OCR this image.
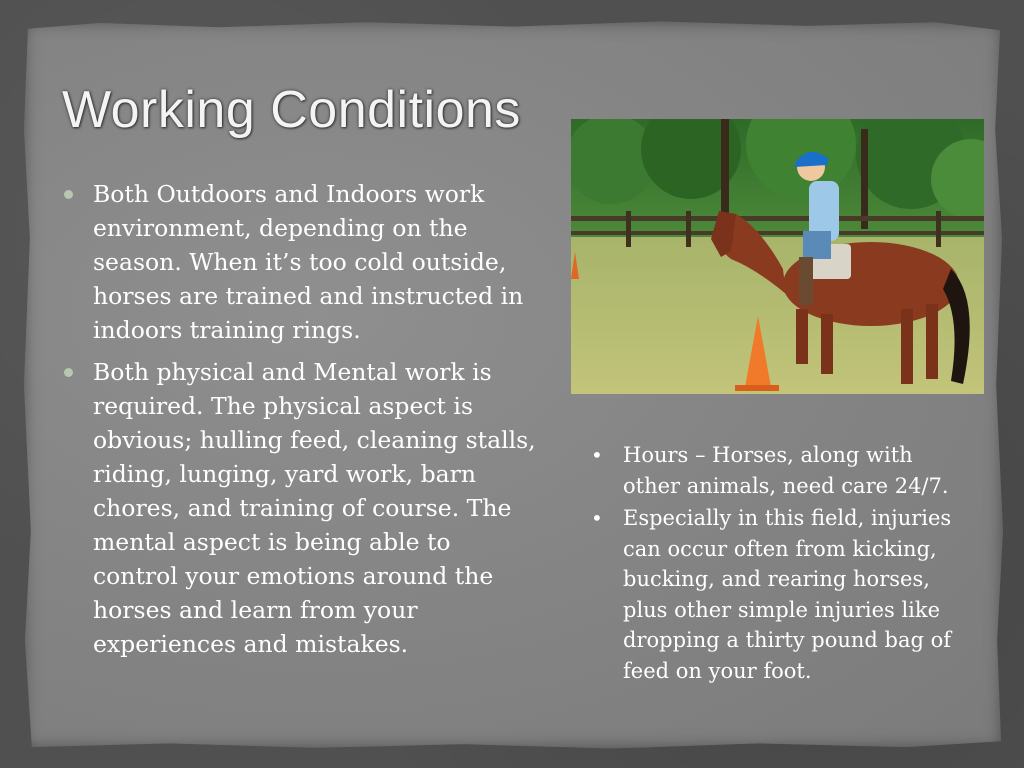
Working Conditions
Both Outdoors and Indoors work environment, depending on the season. When it’s too cold outside, horses are trained and instructed in indoors training rings.
Both physical and Mental work is required. The physical aspect is obvious; hulling feed, cleaning stalls, riding, lunging, yard work, barn chores, and training of course. The mental aspect is being able to control your emotions around the horses and learn from your experiences and mistakes.
• Hours – Horses, along with other animals, need care 24/7.
• Especially in this field, injuries can occur often from kicking, bucking, and rearing horses, plus other simple injuries like dropping a thirty pound bag of feed on your foot.
